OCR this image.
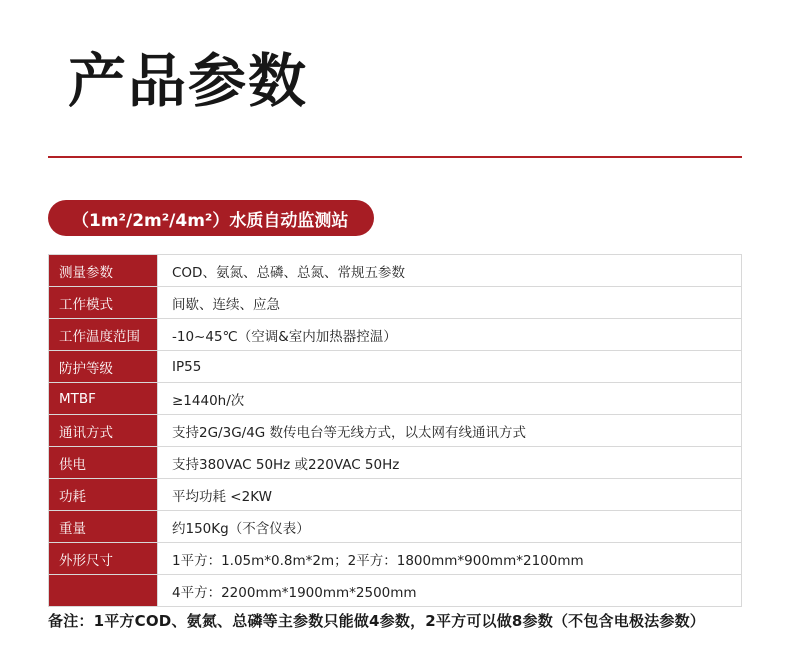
产品参数
（1m²/2m²/4m²）水质自动监测站
测量参数	COD、氨氮、总磷、总氮、常规五参数
工作模式	间歇、连续、应急
工作温度范围	-10~45℃（空调&室内加热器控温）
防护等级	IP55
MTBF	≥1440h/次
通讯方式	支持2G/3G/4G 数传电台等无线方式，以太网有线通讯方式
供电	支持380VAC 50Hz 或220VAC 50Hz
功耗	平均功耗 <2KW
重量	约150Kg（不含仪表）
外形尺寸	1平方：1.05m*0.8m*2m；2平方：1800mm*900mm*2100mm
	4平方：2200mm*1900mm*2500mm
备注：1平方COD、氨氮、总磷等主参数只能做4参数，2平方可以做8参数（不包含电极法参数）
